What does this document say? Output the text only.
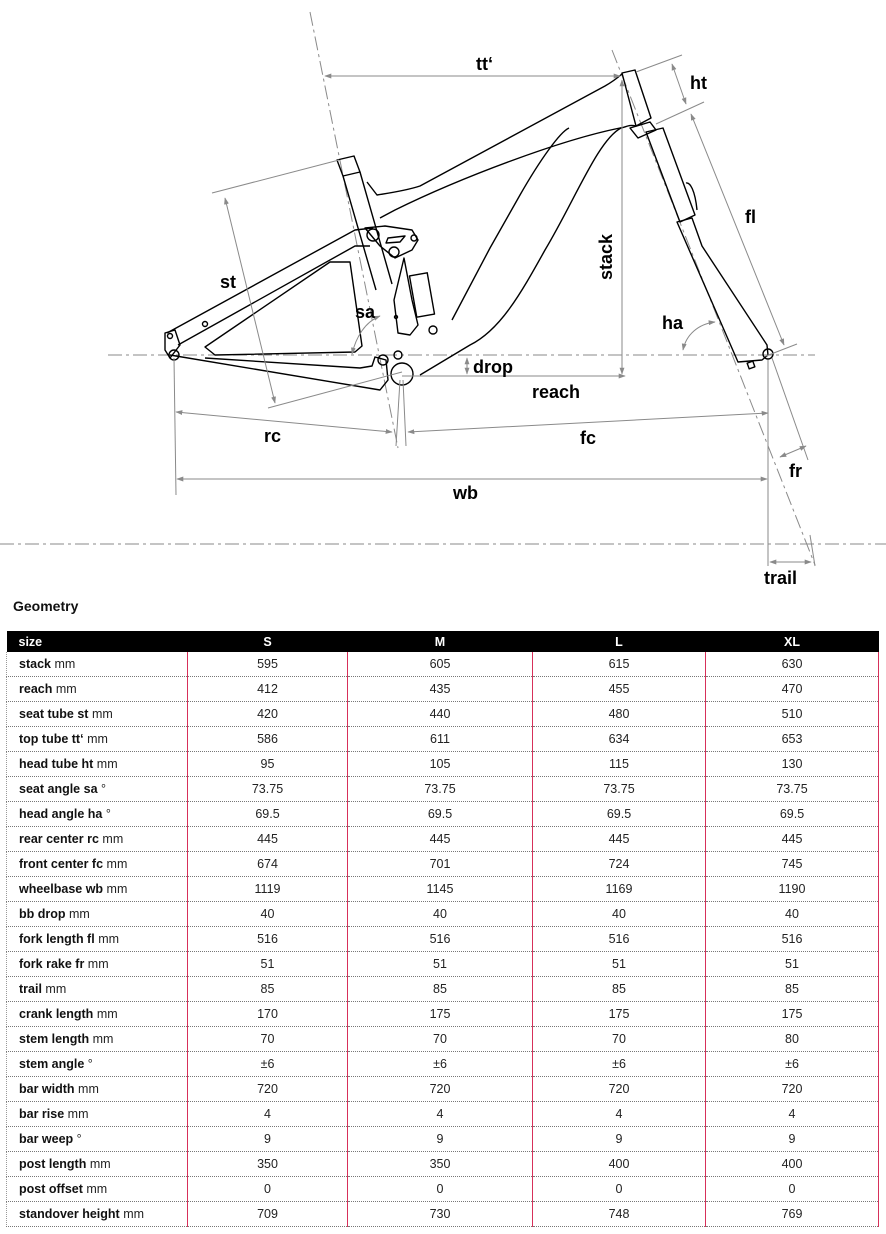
tt‘
ht
fl
st
sa
stack
ha
drop
reach
rc	fc
wb
fr
trail
Geometry
size	S	M	L	XL
stack mm	595	605	615	630
reach mm	412	435	455	470
seat tube st mm	420	440	480	510
top tube tt‘ mm	586	611	634	653
head tube ht mm	95	105	115	130
seat angle sa °	73.75	73.75	73.75	73.75
head angle ha °	69.5	69.5	69.5	69.5
rear center rc mm	445	445	445	445
front center fc mm	674	701	724	745
wheelbase wb mm	1119	1145	1169	1190
bb drop mm	40	40	40	40
fork length fl mm	516	516	516	516
fork rake fr mm	51	51	51	51
trail mm	85	85	85	85
crank length mm	170	175	175	175
stem length mm	70	70	70	80
stem angle °	±6	±6	±6	±6
bar width mm	720	720	720	720
bar rise mm	4	4	4	4
bar weep °	9	9	9	9
post length mm	350	350	400	400
post offset mm	0	0	0	0
standover height mm	709	730	748	769
